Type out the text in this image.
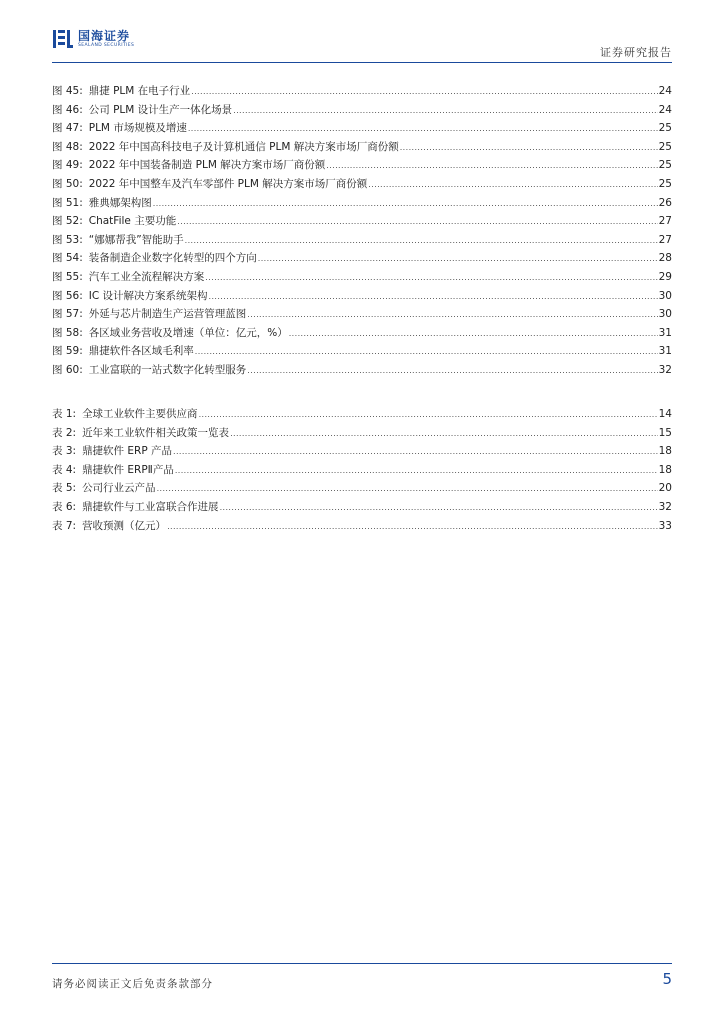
国海证券
SEALAND SECURITIES
证券研究报告
图 45: 鼎捷 PLM 在电子行业 .....	24
图 46: 公司 PLM 设计生产一体化场景 .....	24
图 47: PLM 市场规模及增速 .....	25
图 48: 2022 年中国高科技电子及计算机通信 PLM 解决方案市场厂商份额 .....	25
图 49: 2022 年中国装备制造 PLM 解决方案市场厂商份额 .....	25
图 50: 2022 年中国整车及汽车零部件 PLM 解决方案市场厂商份额 .....	25
图 51: 雅典娜架构图 .....	26
图 52: ChatFile 主要功能 .....	27
图 53: “娜娜帮我”智能助手 .....	27
图 54: 装备制造企业数字化转型的四个方向 .....	28
图 55: 汽车工业全流程解决方案 .....	29
图 56: IC 设计解决方案系统架构 .....	30
图 57: 外延与芯片制造生产运营管理蓝图 .....	30
图 58: 各区域业务营收及增速（单位：亿元，%） .....	31
图 59: 鼎捷软件各区域毛利率 .....	31
图 60: 工业富联的一站式数字化转型服务 .....	32
表 1: 全球工业软件主要供应商 .....	14
表 2: 近年来工业软件相关政策一览表 .....	15
表 3: 鼎捷软件 ERP 产品 .....	18
表 4: 鼎捷软件 ERPⅡ产品 .....	18
表 5: 公司行业云产品 .....	20
表 6: 鼎捷软件与工业富联合作进展 .....	32
表 7: 营收预测（亿元） .....	33
请务必阅读正文后免责条款部分	5
